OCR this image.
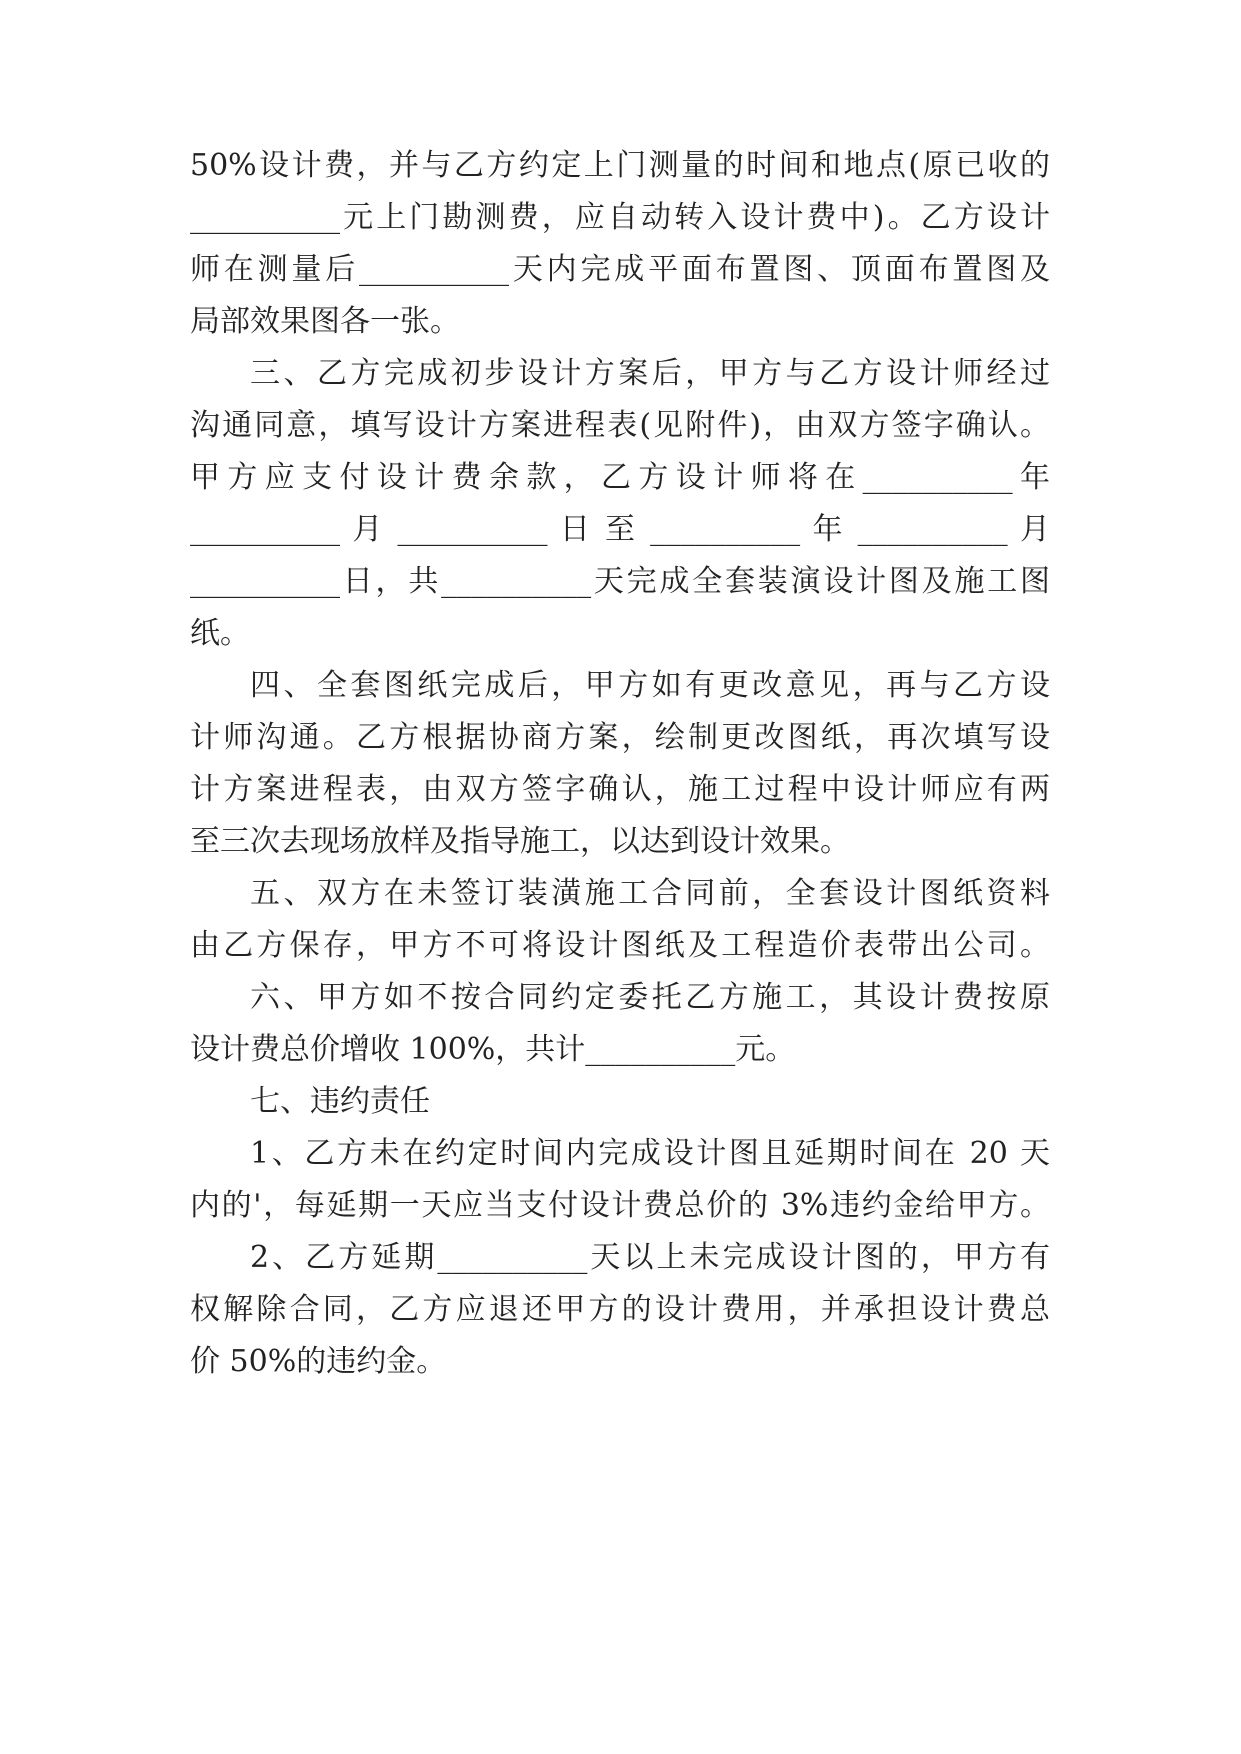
50%设计费，并与乙方约定上门测量的时间和地点(原已收的
__________元上门勘测费，应自动转入设计费中)。乙方设计
师在测量后__________天内完成平面布置图、顶面布置图及
局部效果图各一张。
三、乙方完成初步设计方案后，甲方与乙方设计师经过
沟通同意，填写设计方案进程表(见附件)，由双方签字确认。
甲方应支付设计费余款，乙方设计师将在__________年
__________ 月 __________ 日 至 __________ 年 __________ 月
__________日，共__________天完成全套装演设计图及施工图
纸。
四、全套图纸完成后，甲方如有更改意见，再与乙方设
计师沟通。乙方根据协商方案，绘制更改图纸，再次填写设
计方案进程表，由双方签字确认，施工过程中设计师应有两
至三次去现场放样及指导施工，以达到设计效果。
五、双方在未签订装潢施工合同前，全套设计图纸资料
由乙方保存，甲方不可将设计图纸及工程造价表带出公司。
六、甲方如不按合同约定委托乙方施工，其设计费按原
设计费总价增收 100%，共计__________元。
七、违约责任
1、乙方未在约定时间内完成设计图且延期时间在 20 天
内的'，每延期一天应当支付设计费总价的 3%违约金给甲方。
2、乙方延期__________天以上未完成设计图的，甲方有
权解除合同，乙方应退还甲方的设计费用，并承担设计费总
价 50%的违约金。
